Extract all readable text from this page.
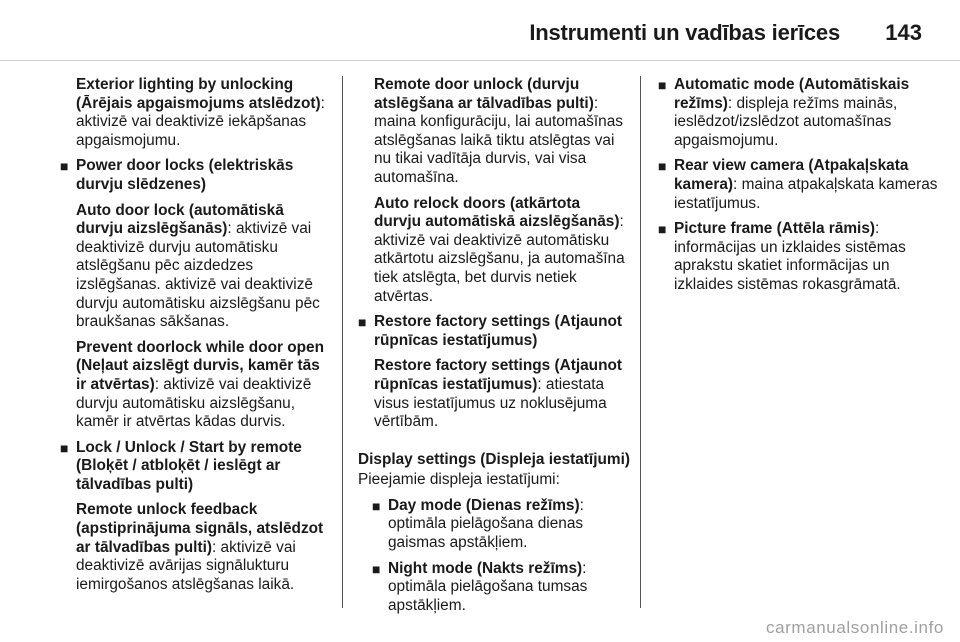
Instrumenti un vadības ierīces 143
Exterior lighting by unlocking (Ārējais apgaismojums atslēdzot): aktivizē vai deaktivizē iekāpšanas apgaismojumu.
■ Power door locks (elektriskās durvju slēdzenes)
Auto door lock (automātiskā durvju aizslēgšanās): aktivizē vai deaktivizē durvju automātisku atslēgšanu pēc aizdedzes izslēgšanas. aktivizē vai deaktivizē durvju automātisku aizslēgšanu pēc braukšanas sākšanas.
Prevent doorlock while door open (Neļaut aizslēgt durvis, kamēr tās ir atvērtas): aktivizē vai deaktivizē durvju automātisku aizslēgšanu, kamēr ir atvērtas kādas durvis.
■ Lock / Unlock / Start by remote (Bloķēt / atbloķēt / ieslēgt ar tālvadības pulti)
Remote unlock feedback (apstiprinājuma signāls, atslēdzot ar tālvadības pulti): aktivizē vai deaktivizē avārijas signālukturu iemirgošanos atslēgšanas laikā.
Remote door unlock (durvju atslēgšana ar tālvadības pulti): maina konfigurāciju, lai automašīnas atslēgšanas laikā tiktu atslēgtas vai nu tikai vadītāja durvis, vai visa automašīna.
Auto relock doors (atkārtota durvju automātiskā aizslēgšanās): aktivizē vai deaktivizē automātisku atkārtotu aizslēgšanu, ja automašīna tiek atslēgta, bet durvis netiek atvērtas.
■ Restore factory settings (Atjaunot rūpnīcas iestatījumus)
Restore factory settings (Atjaunot rūpnīcas iestatījumus): atiestata visus iestatījumus uz noklusējuma vērtībām.
Display settings (Displeja iestatījumi)
Pieejamie displeja iestatījumi:
■ Day mode (Dienas režīms): optimāla pielāgošana dienas gaismas apstākļiem.
■ Night mode (Nakts režīms): optimāla pielāgošana tumsas apstākļiem.
■ Automatic mode (Automātiskais režīms): displeja režīms mainās, ieslēdzot/izslēdzot automašīnas apgaismojumu.
■ Rear view camera (Atpakaļskata kamera): maina atpakaļskata kameras iestatījumus.
■ Picture frame (Attēla rāmis): informācijas un izklaides sistēmas aprakstu skatiet informācijas un izklaides sistēmas rokasgrāmatā.
carmanualsonline.info
